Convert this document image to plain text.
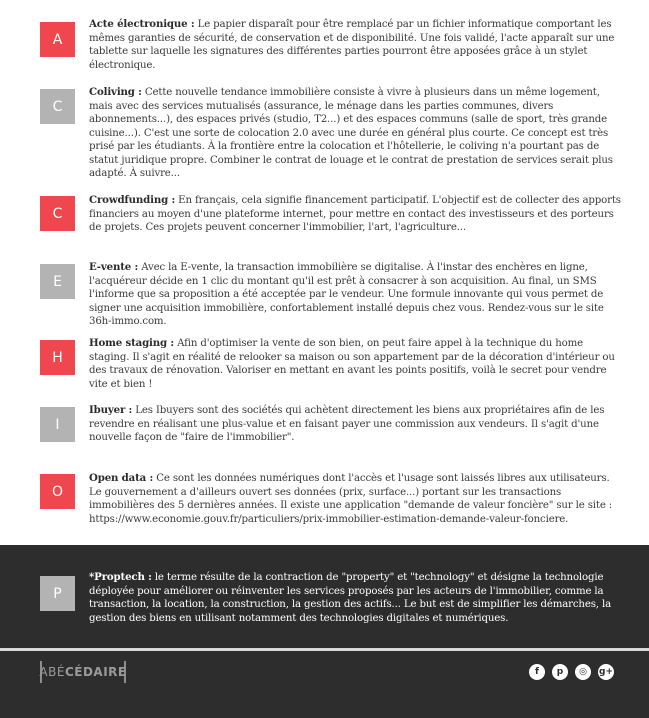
A
Acte électronique : Le papier disparaît pour être remplacé par un fichier informatique comportant les mêmes garanties de sécurité, de conservation et de disponibilité. Une fois validé, l'acte apparaît sur une tablette sur laquelle les signatures des différentes parties pourront être apposées grâce à un stylet électronique.
C
Coliving : Cette nouvelle tendance immobilière consiste à vivre à plusieurs dans un même logement, mais avec des services mutualisés (assurance, le ménage dans les parties communes, divers abonnements...), des espaces privés (studio, T2...) et des espaces communs (salle de sport, très grande cuisine...). C'est une sorte de colocation 2.0 avec une durée en général plus courte. Ce concept est très prisé par les étudiants. À la frontière entre la colocation et l'hôtellerie, le coliving n'a pourtant pas de statut juridique propre. Combiner le contrat de louage et le contrat de prestation de services serait plus adapté. À suivre...
C
Crowdfunding : En français, cela signifie financement participatif. L'objectif est de collecter des apports financiers au moyen d'une plateforme internet, pour mettre en contact des investisseurs et des porteurs de projets. Ces projets peuvent concerner l'immobilier, l'art, l'agriculture...
E
E-vente : Avec la E-vente, la transaction immobilière se digitalise. À l'instar des enchères en ligne, l'acquéreur décide en 1 clic du montant qu'il est prêt à consacrer à son acquisition. Au final, un SMS l'informe que sa proposition a été acceptée par le vendeur. Une formule innovante qui vous permet de signer une acquisition immobilière, confortablement installé depuis chez vous. Rendez-vous sur le site 36h-immo.com.
H
Home staging : Afin d'optimiser la vente de son bien, on peut faire appel à la technique du home staging. Il s'agit en réalité de relooker sa maison ou son appartement par de la décoration d'intérieur ou des travaux de rénovation. Valoriser en mettant en avant les points positifs, voilà le secret pour vendre vite et bien !
I
Ibuyer : Les Ibuyers sont des sociétés qui achètent directement les biens aux propriétaires afin de les revendre en réalisant une plus-value et en faisant payer une commission aux vendeurs. Il s'agit d'une nouvelle façon de "faire de l'immobilier".
O
Open data : Ce sont les données numériques dont l'accès et l'usage sont laissés libres aux utilisateurs. Le gouvernement a d'ailleurs ouvert ses données (prix, surface...) portant sur les transactions immobilières des 5 dernières années. Il existe une application "demande de valeur foncière" sur le site : https://www.economie.gouv.fr/particuliers/prix-immobilier-estimation-demande-valeur-fonciere.
P
*Proptech : le terme résulte de la contraction de "property" et "technology" et désigne la technologie déployée pour améliorer ou réinventer les services proposés par les acteurs de l'immobilier, comme la transaction, la location, la construction, la gestion des actifs... Le but est de simplifier les démarches, la gestion des biens en utilisant notamment des technologies digitales et numériques.
ABÉ CÉDAIRE	f	p	◎	g+
